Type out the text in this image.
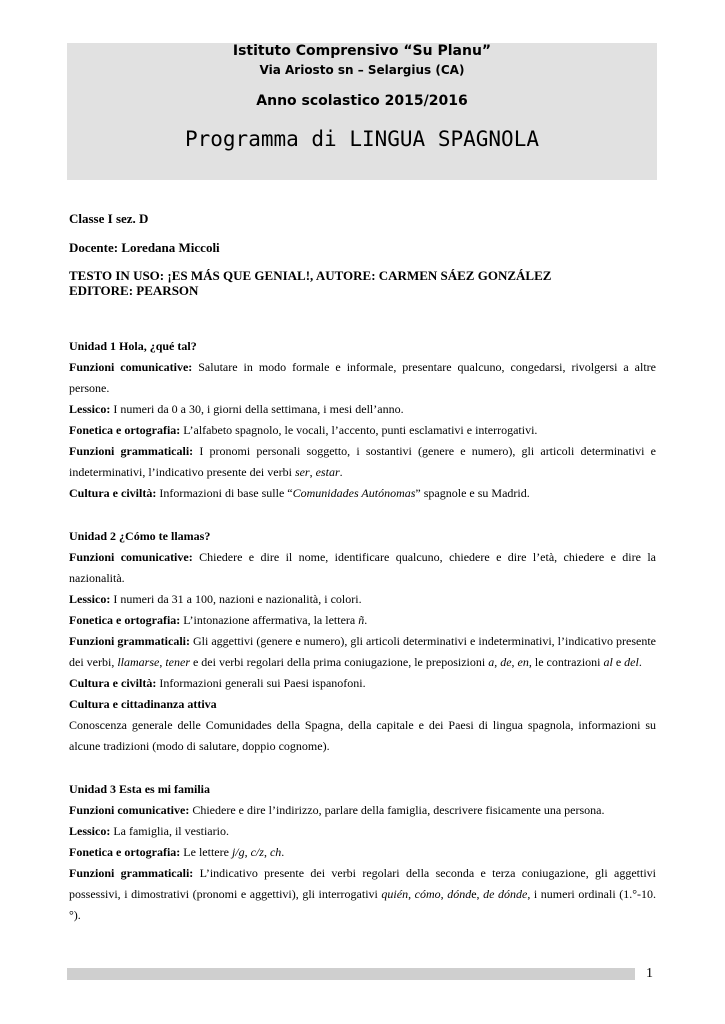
Istituto Comprensivo “Su Planu”
Via Ariosto sn – Selargius (CA)
Anno scolastico 2015/2016
Programma di LINGUA SPAGNOLA
Classe I sez. D
Docente: Loredana Miccoli
TESTO IN USO: ¡ES MÁS QUE GENIAL!, AUTORE: CARMEN SÁEZ GONZÁLEZ
EDITORE: PEARSON

Unidad 1 Hola, ¿qué tal?

Funzioni comunicative: Salutare in modo formale e informale, presentare qualcuno, congedarsi, rivolgersi a altre persone.

Lessico: I numeri da 0 a 30, i giorni della settimana, i mesi dell’anno.

Fonetica e ortografia: L’alfabeto spagnolo, le vocali, l’accento, punti esclamativi e interrogativi.

Funzioni grammaticali: I pronomi personali soggetto, i sostantivi (genere e numero), gli articoli determinativi e indeterminativi, l’indicativo presente dei verbi ser, estar.

Cultura e civiltà: Informazioni di base sulle “Comunidades Autónomas” spagnole e su Madrid.

Unidad 2 ¿Cómo te llamas?

Funzioni comunicative: Chiedere e dire il nome, identificare qualcuno, chiedere e dire l’età, chiedere e dire la nazionalità.

Lessico: I numeri da 31 a 100, nazioni e nazionalità, i colori.

Fonetica e ortografia: L’intonazione affermativa, la lettera ñ.

Funzioni grammaticali: Gli aggettivi (genere e numero), gli articoli determinativi e indeterminativi, l’indicativo presente dei verbi, llamarse, tener e dei verbi regolari della prima coniugazione, le preposizioni a, de, en, le contrazioni al e del.

Cultura e civiltà: Informazioni generali sui Paesi ispanofoni.

Cultura e cittadinanza attiva

Conoscenza generale delle Comunidades della Spagna, della capitale e dei Paesi di lingua spagnola, informazioni su alcune tradizioni (modo di salutare, doppio cognome).

Unidad 3 Esta es mi familia

Funzioni comunicative: Chiedere e dire l’indirizzo, parlare della famiglia, descrivere fisicamente una persona.

Lessico: La famiglia, il vestiario.

Fonetica e ortografia: Le lettere j/g, c/z, ch.

Funzioni grammaticali: L’indicativo presente dei verbi regolari della seconda e terza coniugazione, gli aggettivi possessivi, i dimostrativi (pronomi e aggettivi), gli interrogativi quién, cómo, dónde, de dónde, i numeri ordinali (1.°-10.°).

1
